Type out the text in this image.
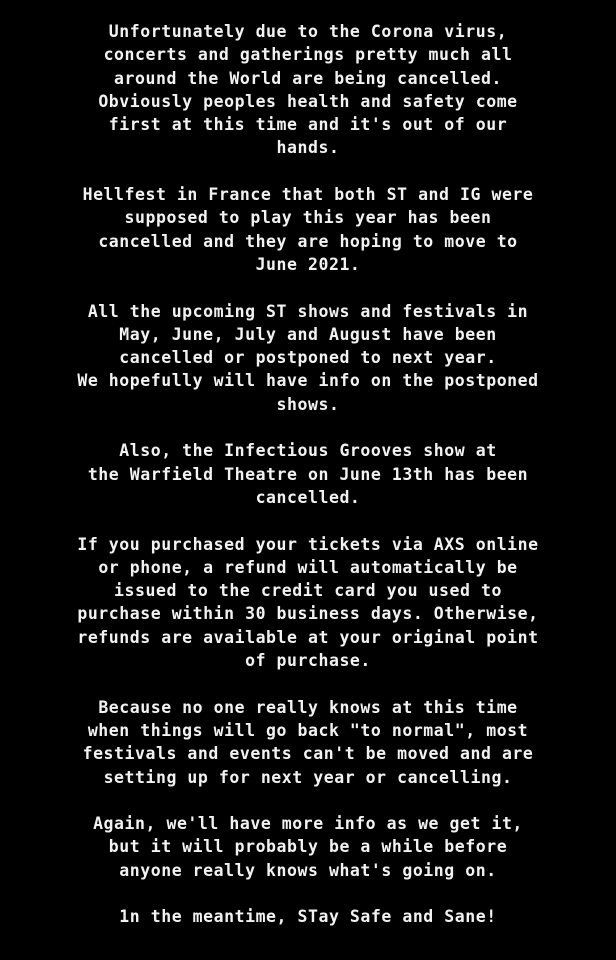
Unfortunately due to the Corona virus,
concerts and gatherings pretty much all
around the World are being cancelled.
Obviously peoples health and safety come
first at this time and it's out of our
hands.
Hellfest in France that both ST and IG were
supposed to play this year has been
cancelled and they are hoping to move to
June 2021.
All the upcoming ST shows and festivals in
May, June, July and August have been
cancelled or postponed to next year.
We hopefully will have info on the postponed
shows.
Also, the Infectious Grooves show at
the Warfield Theatre on June 13th has been
cancelled.
If you purchased your tickets via AXS online
or phone, a refund will automatically be
issued to the credit card you used to
purchase within 30 business days. Otherwise,
refunds are available at your original point
of purchase.
Because no one really knows at this time
when things will go back "to normal", most
festivals and events can't be moved and are
setting up for next year or cancelling.
Again, we'll have more info as we get it,
but it will probably be a while before
anyone really knows what's going on.
1n the meantime, STay Safe and Sane!
